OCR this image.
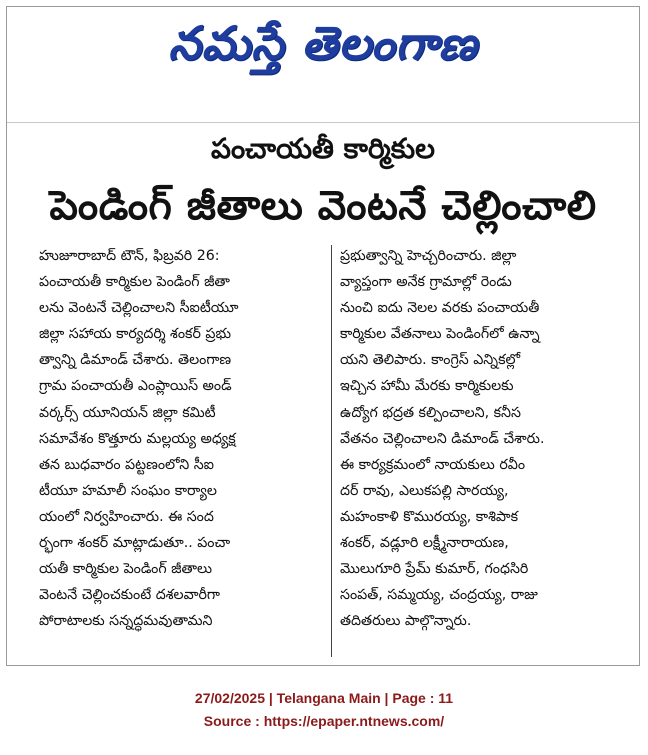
నమస్తే తెలంగాణ
పంచాయతీ కార్మికుల
పెండింగ్ జీతాలు వెంటనే చెల్లించాలి
హుజూరాబాద్ టౌన్, ఫిబ్రవరి 26:
పంచాయతీ కార్మికుల పెండింగ్ జీతా
లను వెంటనే చెల్లించాలని సీఐటీయూ
జిల్లా సహాయ కార్యదర్శి శంకర్ ప్రభు
త్వాన్ని డిమాండ్ చేశారు. తెలంగాణ
గ్రామ పంచాయతీ ఎంప్లాయిస్ అండ్
వర్కర్స్ యూనియన్ జిల్లా కమిటీ
సమావేశం కొత్తూరు మల్లయ్య అధ్యక్ష
తన బుధవారం పట్టణంలోని సీఐ
టీయూ హమాలీ సంఘం కార్యాల
యంలో నిర్వహించారు. ఈ సంద
ర్భంగా శంకర్ మాట్లాడుతూ.. పంచా
యతీ కార్మికుల పెండింగ్ జీతాలు
వెంటనే చెల్లించకుంటే దశలవారీగా
పోరాటాలకు సన్నద్ధమవుతామని
ప్రభుత్వాన్ని హెచ్చరించారు. జిల్లా
వ్యాప్తంగా అనేక గ్రామాల్లో రెండు
నుంచి ఐదు నెలల వరకు పంచాయతీ
కార్మికుల వేతనాలు పెండింగ్‌లో ఉన్నా
యని తెలిపారు. కాంగ్రెస్ ఎన్నికల్లో
ఇచ్చిన హామీ మేరకు కార్మికులకు
ఉద్యోగ భద్రత కల్పించాలని, కనీస
వేతనం చెల్లించాలని డిమాండ్ చేశారు.
ఈ కార్యక్రమంలో నాయకులు రవీం
దర్ రావు, ఎలుకపల్లి సారయ్య,
మహంకాళి కొమురయ్య, కాశిపాక
శంకర్, వడ్లూరి లక్ష్మీనారాయణ,
మొలుగూరి ప్రేమ్ కుమార్, గంధసిరి
సంపత్, సమ్మయ్య, చంద్రయ్య, రాజు
తదితరులు పాల్గొన్నారు.
27/02/2025 | Telangana Main | Page : 11
Source : https://epaper.ntnews.com/
